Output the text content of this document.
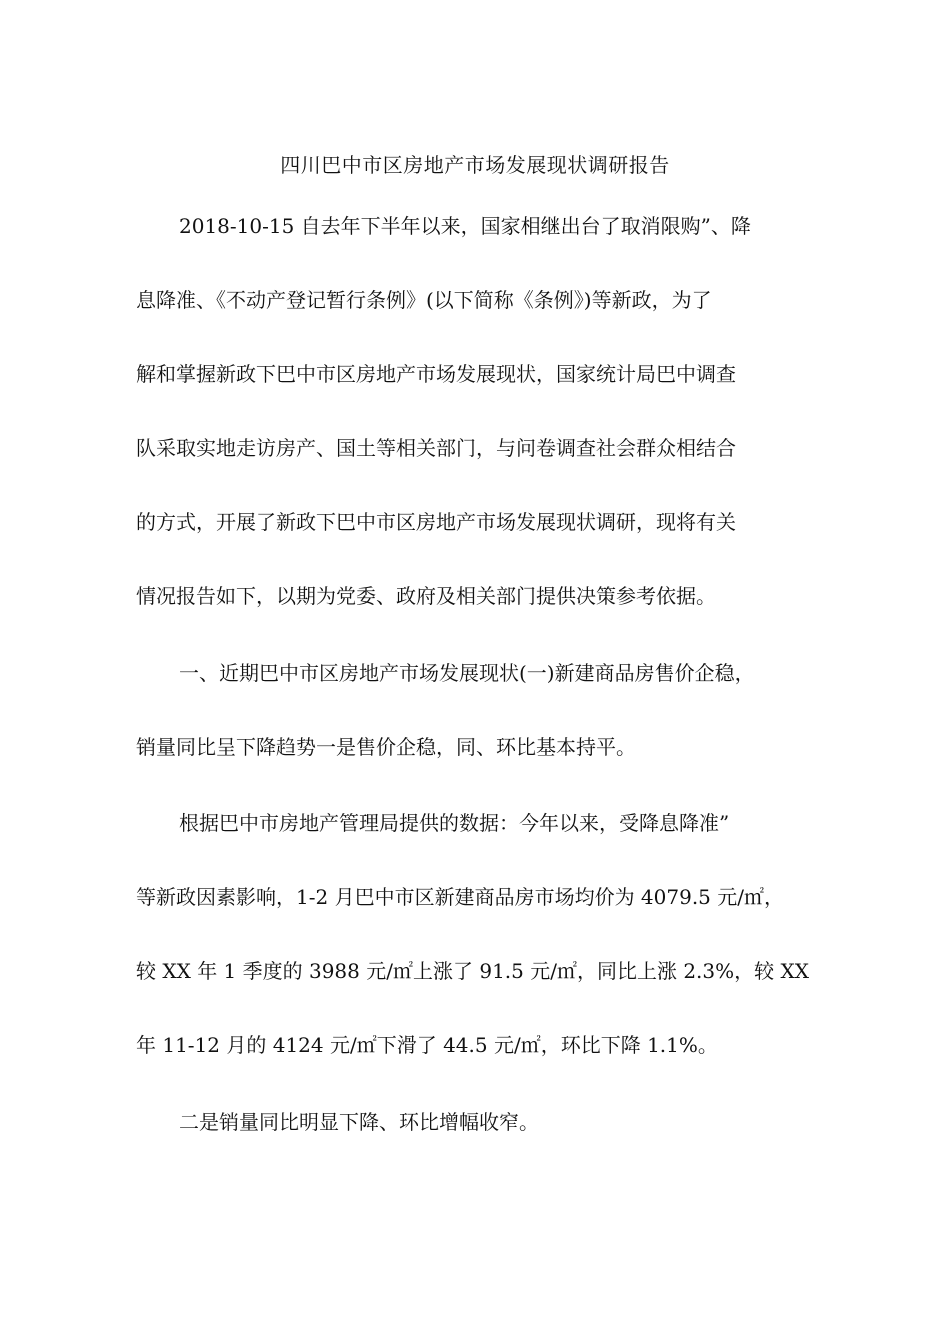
四川巴中市区房地产市场发展现状调研报告
2018-10-15 自去年下半年以来，国家相继出台了取消限购”、降
息降准、《不动产登记暂行条例》(以下简称《条例》)等新政，为了
解和掌握新政下巴中市区房地产市场发展现状，国家统计局巴中调查
队采取实地走访房产、国土等相关部门，与问卷调查社会群众相结合
的方式，开展了新政下巴中市区房地产市场发展现状调研，现将有关
情况报告如下，以期为党委、政府及相关部门提供决策参考依据。
一、近期巴中市区房地产市场发展现状(一)新建商品房售价企稳，
销量同比呈下降趋势一是售价企稳，同、环比基本持平。
根据巴中市房地产管理局提供的数据：今年以来，受降息降准”
等新政因素影响，1-2 月巴中市区新建商品房市场均价为 4079.5 元/㎡，
较 XX 年 1 季度的 3988 元/㎡上涨了 91.5 元/㎡，同比上涨 2.3%，较 XX
年 11-12 月的 4124 元/㎡下滑了 44.5 元/㎡，环比下降 1.1%。
二是销量同比明显下降、环比增幅收窄。
